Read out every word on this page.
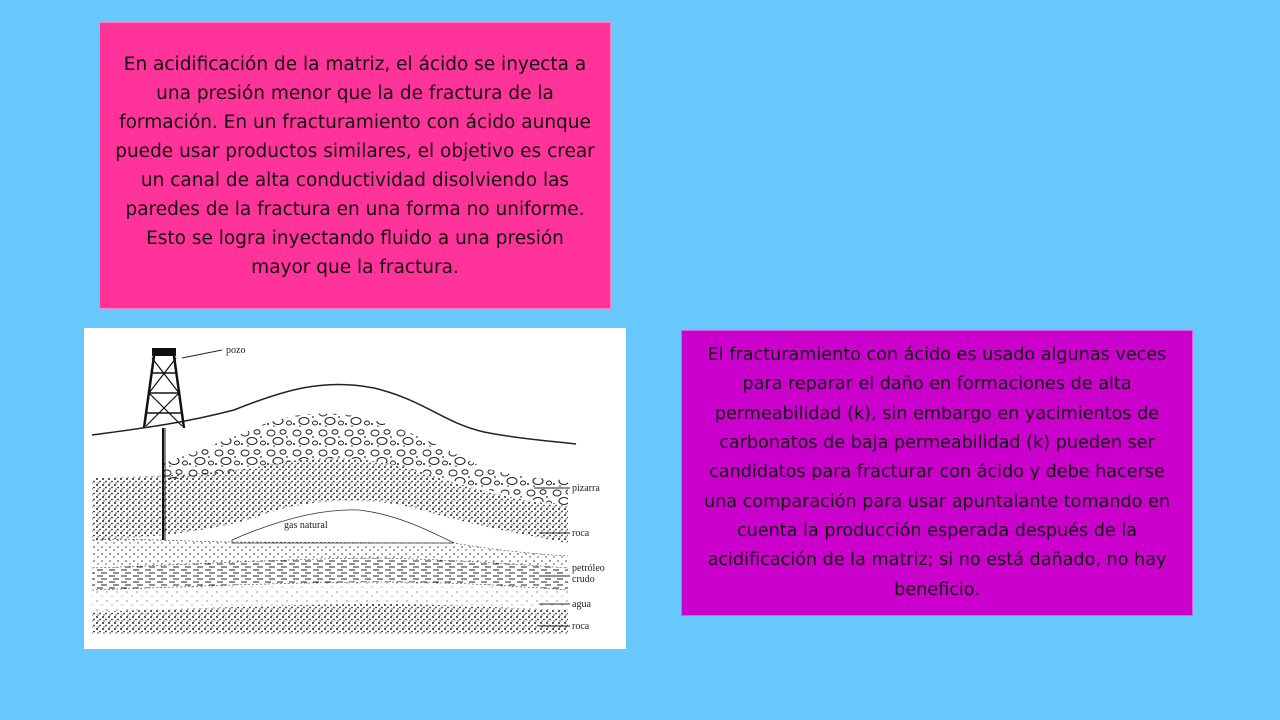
En acidificación de la matriz, el ácido se inyecta a una presión menor que la de fractura de la formación. En un fracturamiento con ácido aunque puede usar productos similares, el objetivo es crear un canal de alta conductividad disolviendo las paredes de la fractura en una forma no uniforme. Esto se logra inyectando fluido a una presión mayor que la fractura.
pozo
pizarra
roca
gas natural
petróleo
crudo
agua
roca
El fracturamiento con ácido es usado algunas veces para reparar el daño en formaciones de alta permeabilidad (k), sin embargo en yacimientos de carbonatos de baja permeabilidad (k) pueden ser candidatos para fracturar con ácido y debe hacerse una comparación para usar apuntalante tomando en cuenta la producción esperada después de la acidificación de la matriz; si no está dañado, no hay beneficio.
